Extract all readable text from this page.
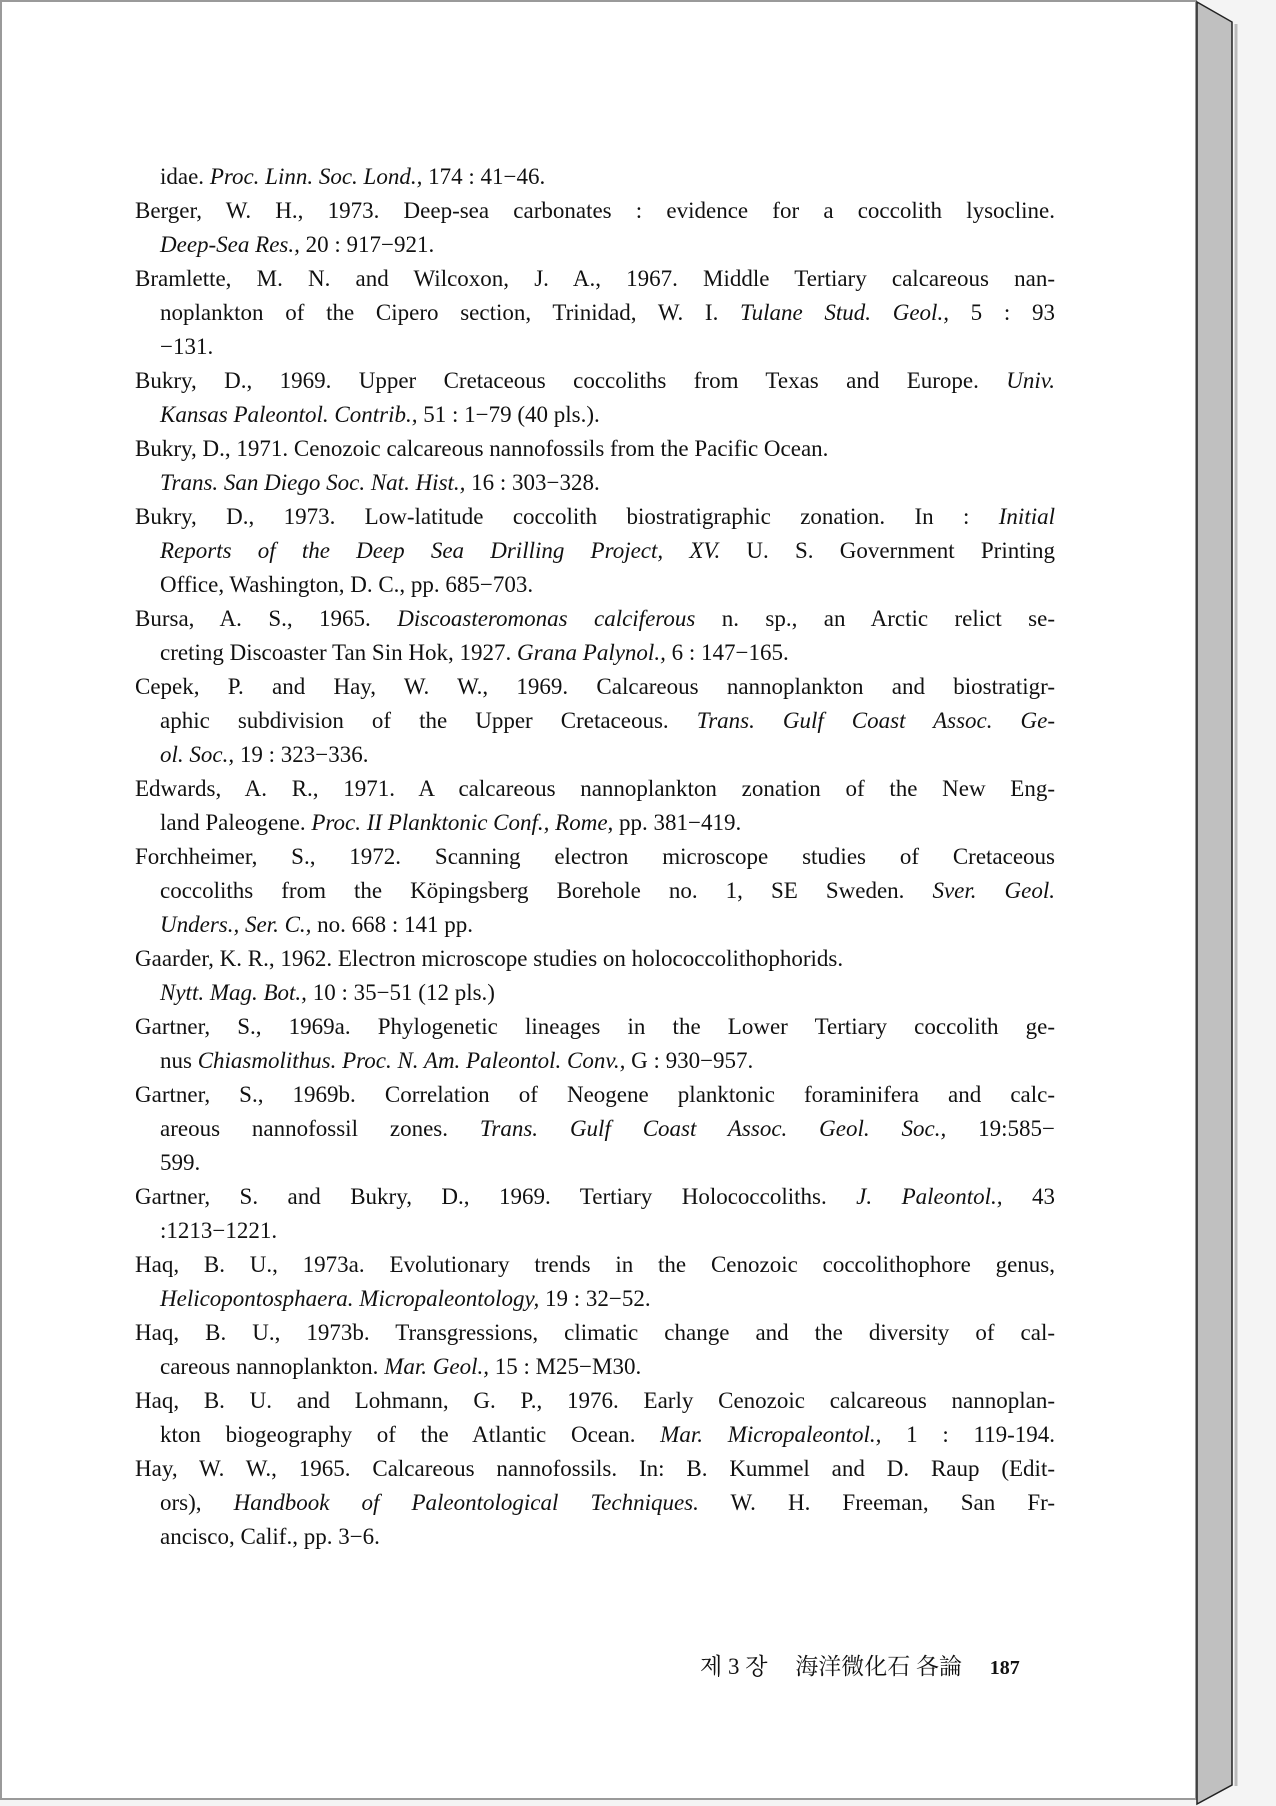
idae. Proc. Linn. Soc. Lond., 174 : 41−46.
Berger, W. H., 1973. Deep-sea carbonates : evidence for a coccolith lysocline.
Deep-Sea Res., 20 : 917−921.
Bramlette, M. N. and Wilcoxon, J. A., 1967. Middle Tertiary calcareous nan-
noplankton of the Cipero section, Trinidad, W. I. Tulane Stud. Geol., 5 : 93
−131.
Bukry, D., 1969. Upper Cretaceous coccoliths from Texas and Europe. Univ.
Kansas Paleontol. Contrib., 51 : 1−79 (40 pls.).
Bukry, D., 1971. Cenozoic calcareous nannofossils from the Pacific Ocean.
Trans. San Diego Soc. Nat. Hist., 16 : 303−328.
Bukry, D., 1973. Low-latitude coccolith biostratigraphic zonation. In : Initial
Reports of the Deep Sea Drilling Project, XV. U. S. Government Printing
Office, Washington, D. C., pp. 685−703.
Bursa, A. S., 1965. Discoasteromonas calciferous n. sp., an Arctic relict se-
creting Discoaster Tan Sin Hok, 1927. Grana Palynol., 6 : 147−165.
Cepek, P. and Hay, W. W., 1969. Calcareous nannoplankton and biostratigr-
aphic subdivision of the Upper Cretaceous. Trans. Gulf Coast Assoc. Ge-
ol. Soc., 19 : 323−336.
Edwards, A. R., 1971. A calcareous nannoplankton zonation of the New Eng-
land Paleogene. Proc. II Planktonic Conf., Rome, pp. 381−419.
Forchheimer, S., 1972. Scanning electron microscope studies of Cretaceous
coccoliths from the Köpingsberg Borehole no. 1, SE Sweden. Sver. Geol.
Unders., Ser. C., no. 668 : 141 pp.
Gaarder, K. R., 1962. Electron microscope studies on holococcolithophorids.
Nytt. Mag. Bot., 10 : 35−51 (12 pls.)
Gartner, S., 1969a. Phylogenetic lineages in the Lower Tertiary coccolith ge-
nus Chiasmolithus. Proc. N. Am. Paleontol. Conv., G : 930−957.
Gartner, S., 1969b. Correlation of Neogene planktonic foraminifera and calc-
areous nannofossil zones. Trans. Gulf Coast Assoc. Geol. Soc., 19:585−
599.
Gartner, S. and Bukry, D., 1969. Tertiary Holococcoliths. J. Paleontol., 43
:1213−1221.
Haq, B. U., 1973a. Evolutionary trends in the Cenozoic coccolithophore genus,
Helicopontosphaera. Micropaleontology, 19 : 32−52.
Haq, B. U., 1973b. Transgressions, climatic change and the diversity of cal-
careous nannoplankton. Mar. Geol., 15 : M25−M30.
Haq, B. U. and Lohmann, G. P., 1976. Early Cenozoic calcareous nannoplan-
kton biogeography of the Atlantic Ocean. Mar. Micropaleontol., 1 : 119-194.
Hay, W. W., 1965. Calcareous nannofossils. In: B. Kummel and D. Raup (Edit-
ors), Handbook of Paleontological Techniques. W. H. Freeman, San Fr-
ancisco, Calif., pp. 3−6.
제 3 장 海洋微化石 各論 187
